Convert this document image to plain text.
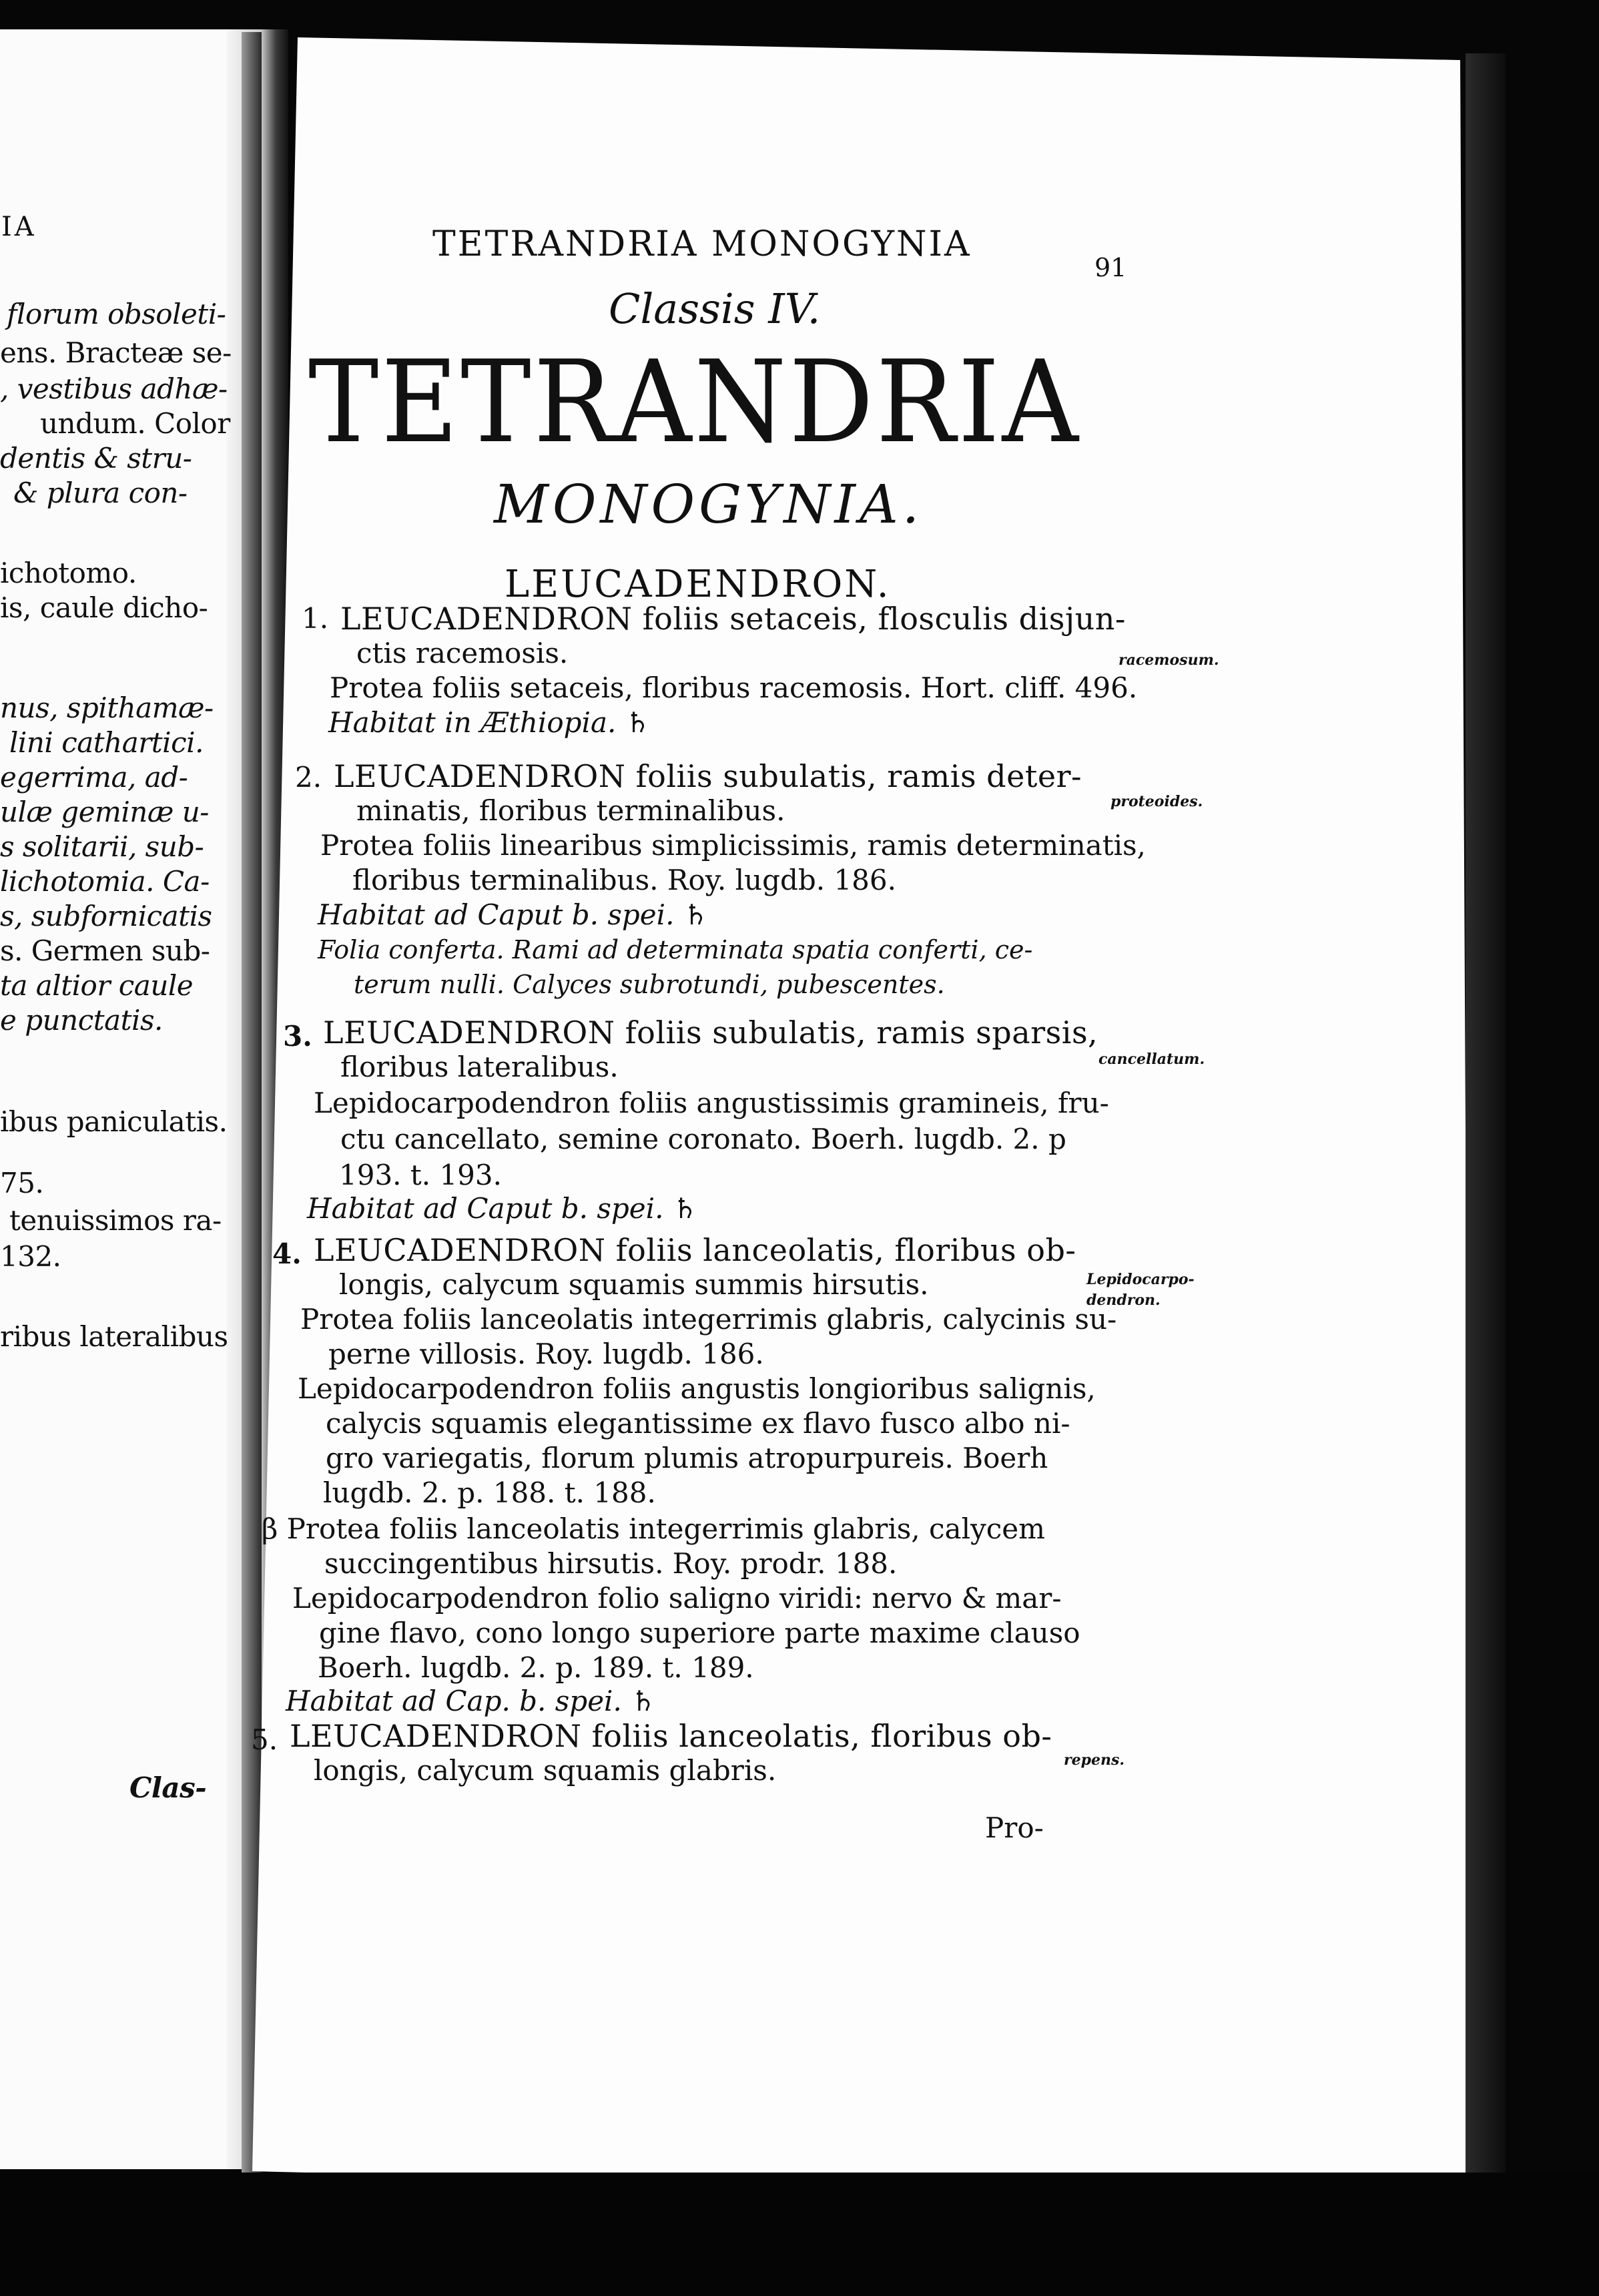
IA
florum obsoleti-
ens. Bracteæ se-
, vestibus adhæ-
undum. Color
dentis & stru-
& plura con-
ichotomo.
is, caule dicho-
nus, spithamæ-
lini cathartici.
egerrima, ad-
ulæ geminæ u-
s solitarii, sub-
lichotomia. Ca-
s, subfornicatis
s. Germen sub-
ta altior caule
e punctatis.
ibus paniculatis.
75.
tenuissimos ra-
132.
ribus lateralibus
Clas-
TETRANDRIA MONOGYNIA
91
Classis IV.
TETRANDRIA
MONOGYNIA.
LEUCADENDRON.
1. LEUCADENDRON foliis setaceis, flosculis disjun-
ctis racemosis.
Protea foliis setaceis, floribus racemosis. Hort. cliff. 496.
Habitat in Æthiopia. ♄
racemosum.
2. LEUCADENDRON foliis subulatis, ramis deter-
minatis, floribus terminalibus.
Protea foliis linearibus simplicissimis, ramis determinatis,
floribus terminalibus. Roy. lugdb. 186.
Habitat ad Caput b. spei. ♄
Folia conferta. Rami ad determinata spatia conferti, ce-
terum nulli. Calyces subrotundi, pubescentes.
proteoides.
3. LEUCADENDRON foliis subulatis, ramis sparsis,
floribus lateralibus.
Lepidocarpodendron foliis angustissimis gramineis, fru-
ctu cancellato, semine coronato. Boerh. lugdb. 2. p
193. t. 193.
Habitat ad Caput b. spei. ♄
cancellatum.
4. LEUCADENDRON foliis lanceolatis, floribus ob-
longis, calycum squamis summis hirsutis.
Protea foliis lanceolatis integerrimis glabris, calycinis su-
perne villosis. Roy. lugdb. 186.
Lepidocarpodendron foliis angustis longioribus salignis,
calycis squamis elegantissime ex flavo fusco albo ni-
gro variegatis, florum plumis atropurpureis. Boerh
lugdb. 2. p. 188. t. 188.
β Protea foliis lanceolatis integerrimis glabris, calycem
succingentibus hirsutis. Roy. prodr. 188.
Lepidocarpodendron folio saligno viridi: nervo & mar-
gine flavo, cono longo superiore parte maxime clauso
Boerh. lugdb. 2. p. 189. t. 189.
Habitat ad Cap. b. spei. ♄
Lepidocarpo- dendron.
5. LEUCADENDRON foliis lanceolatis, floribus ob-
longis, calycum squamis glabris.	repens.
Pro-
